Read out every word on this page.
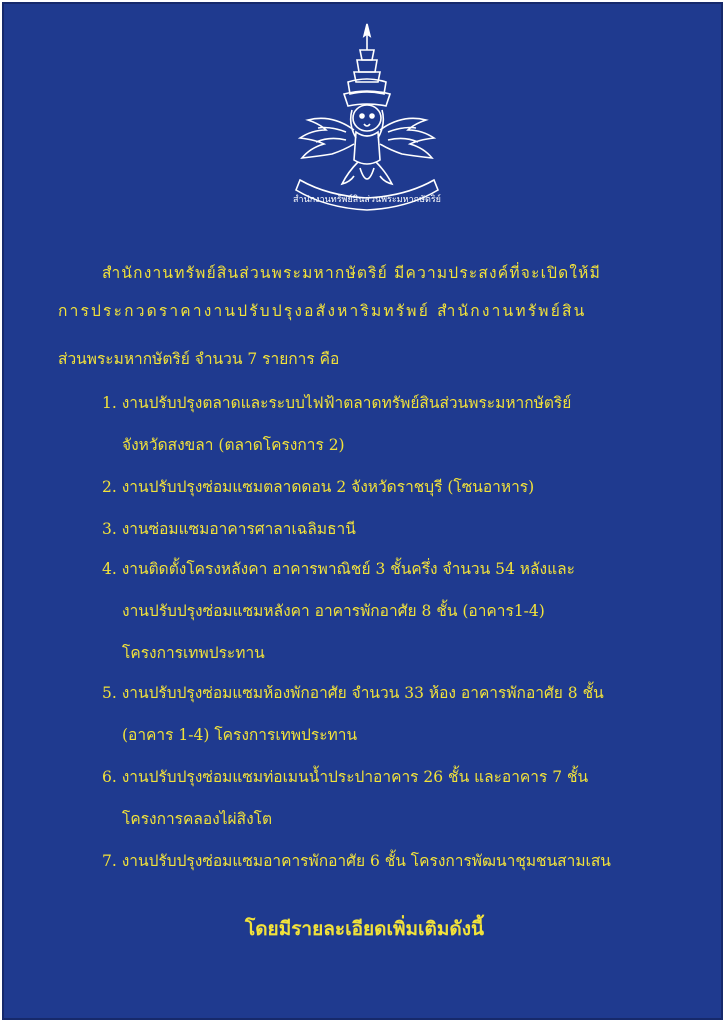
สำนักงานทรัพย์สินส่วนพระมหากษัตริย์
สำนักงานทรัพย์สินส่วนพระมหากษัตริย์ มีความประสงค์ที่จะเปิดให้มี
การประกวดราคางานปรับปรุงอสังหาริมทรัพย์ สำนักงานทรัพย์สิน
ส่วนพระมหากษัตริย์ จำนวน 7 รายการ คือ
1. งานปรับปรุงตลาดและระบบไฟฟ้าตลาดทรัพย์สินส่วนพระมหากษัตริย์
จังหวัดสงขลา (ตลาดโครงการ 2)
2. งานปรับปรุงซ่อมแซมตลาดดอน 2 จังหวัดราชบุรี (โซนอาหาร)
3. งานซ่อมแซมอาคารศาลาเฉลิมธานี
4. งานติดตั้งโครงหลังคา อาคารพาณิชย์ 3 ชั้นครึ่ง จำนวน 54 หลังและ
งานปรับปรุงซ่อมแซมหลังคา อาคารพักอาศัย 8 ชั้น (อาคาร1-4)
โครงการเทพประทาน
5. งานปรับปรุงซ่อมแซมห้องพักอาศัย จำนวน 33 ห้อง อาคารพักอาศัย 8 ชั้น
(อาคาร 1-4) โครงการเทพประทาน
6. งานปรับปรุงซ่อมแซมท่อเมนน้ำประปาอาคาร 26 ชั้น และอาคาร 7 ชั้น
โครงการคลองไผ่สิงโต
7. งานปรับปรุงซ่อมแซมอาคารพักอาศัย 6 ชั้น โครงการพัฒนาชุมชนสามเสน
โดยมีรายละเอียดเพิ่มเติมดังนี้
